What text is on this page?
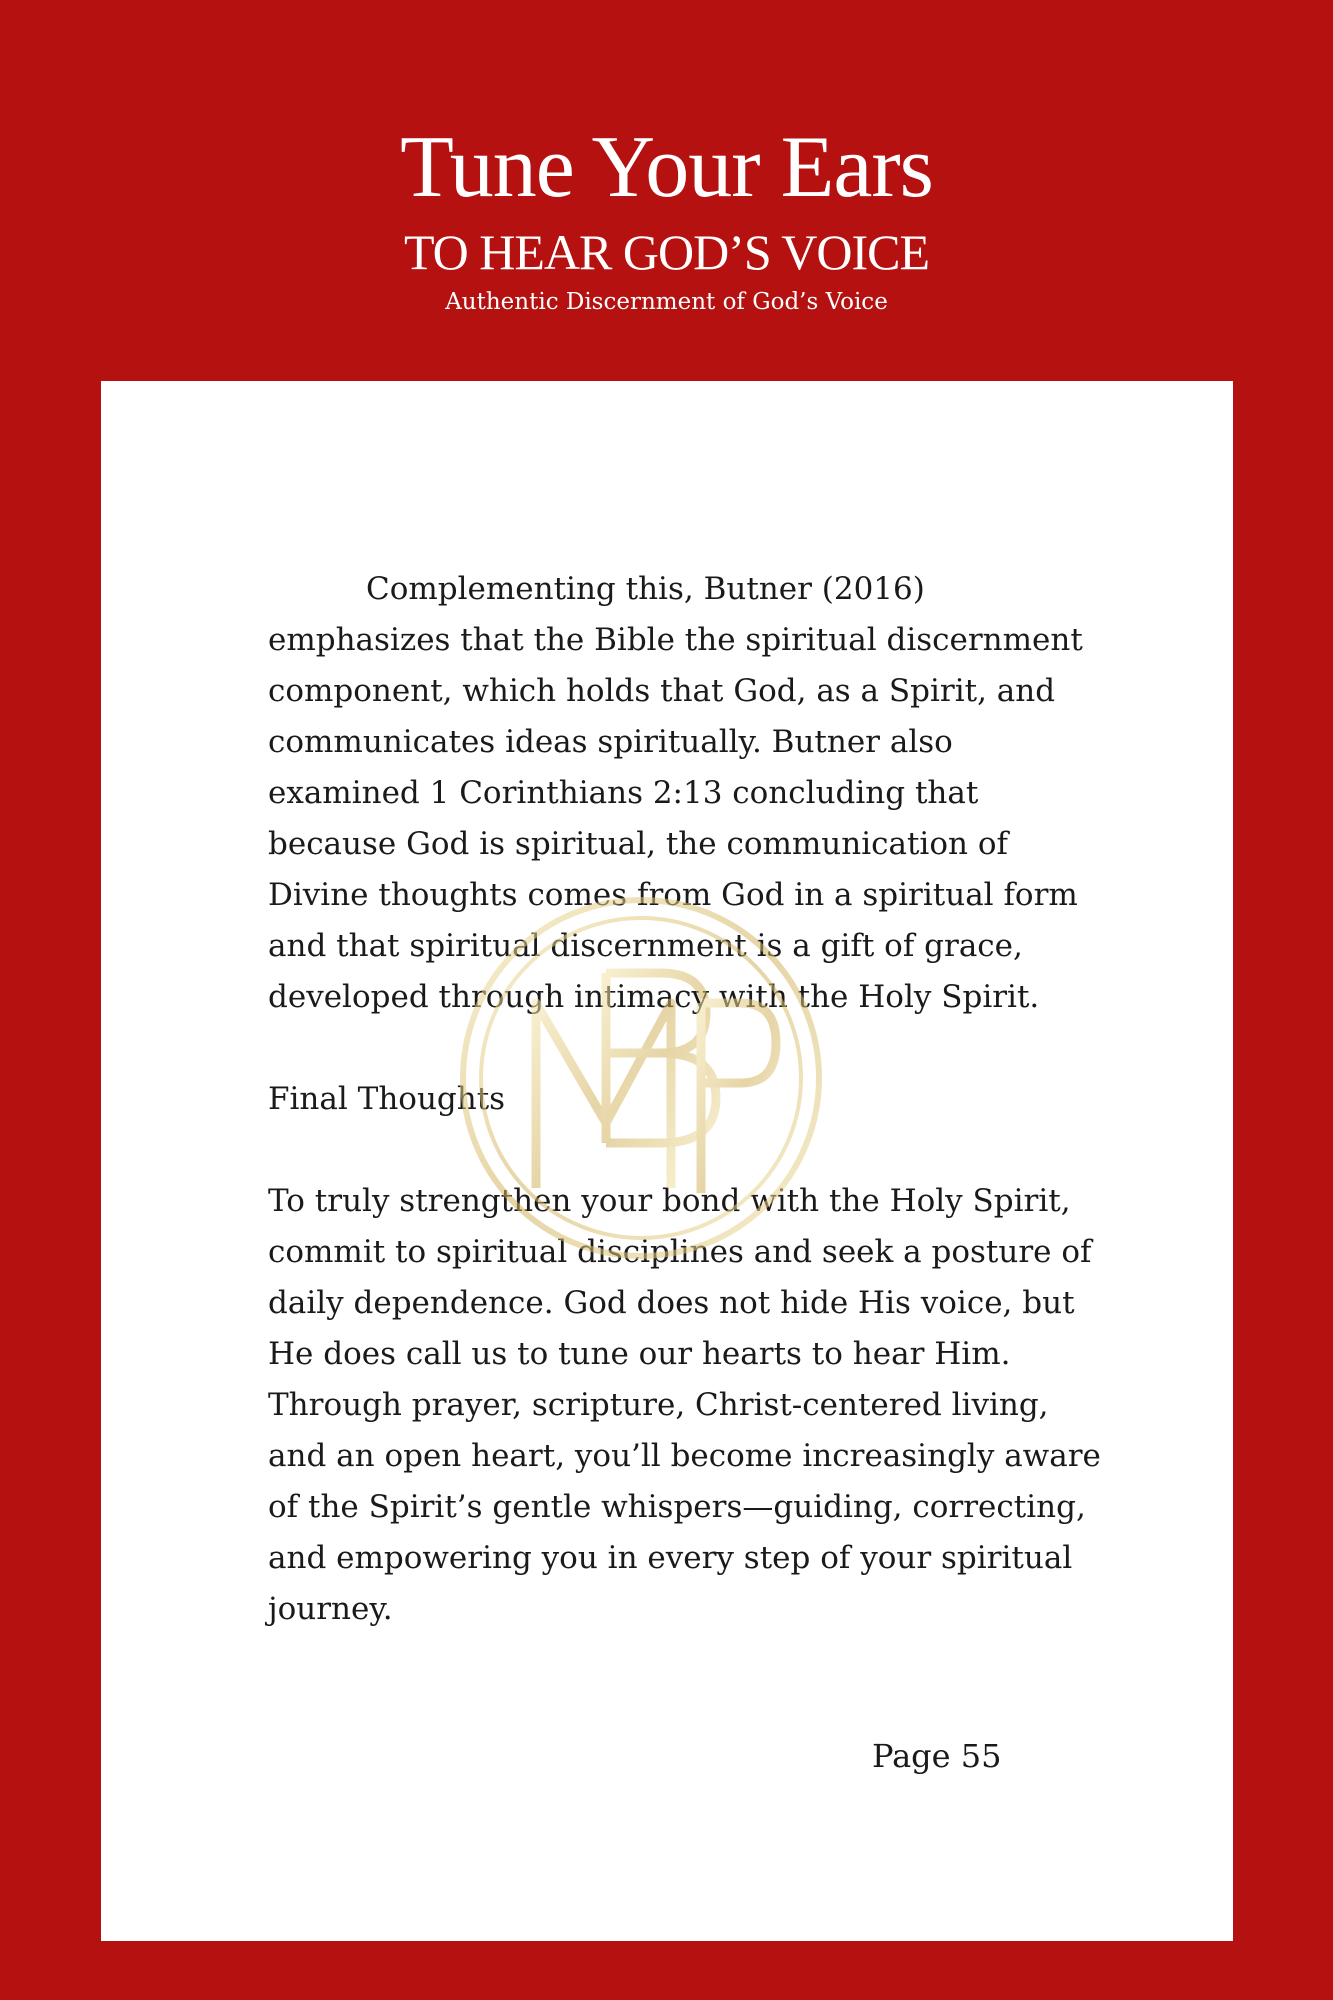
Tune Your Ears
TO HEAR GOD’S VOICE
Authentic Discernment of God’s Voice

Complementing this, Butner (2016) emphasizes that the Bible the spiritual discernment component, which holds that God, as a Spirit, and communicates ideas spiritually. Butner also examined 1 Corinthians 2:13 concluding that because God is spiritual, the communication of Divine thoughts comes from God in a spiritual form and that spiritual discernment is a gift of grace, developed through intimacy with the Holy Spirit.

Final Thoughts

To truly strengthen your bond with the Holy Spirit, commit to spiritual disciplines and seek a posture of daily dependence. God does not hide His voice, but He does call us to tune our hearts to hear Him. Through prayer, scripture, Christ-centered living, and an open heart, you’ll become increasingly aware of the Spirit’s gentle whispers—guiding, correcting, and empowering you in every step of your spiritual journey.

Page 55
